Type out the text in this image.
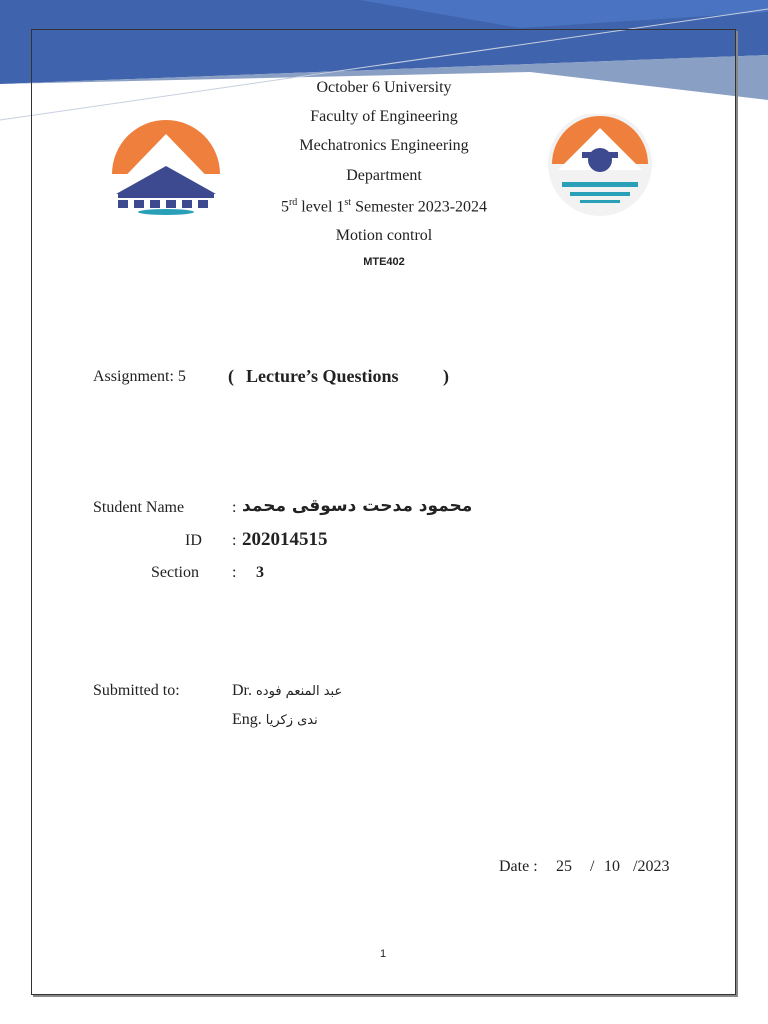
October 6 University
Faculty of Engineering
Mechatronics Engineering
Department
5rd level 1st Semester 2023-2024
Motion control
MTE402
Assignment: 5 ( Lecture’s Questions )
Student Name	: محمود مدحت دسوقى محمد
ID : 202014515
Section : 3
Submitted to:	Dr. عبد المنعم فوده
Eng. ندى زكريا
Date : 25 / 10 /2023
1
